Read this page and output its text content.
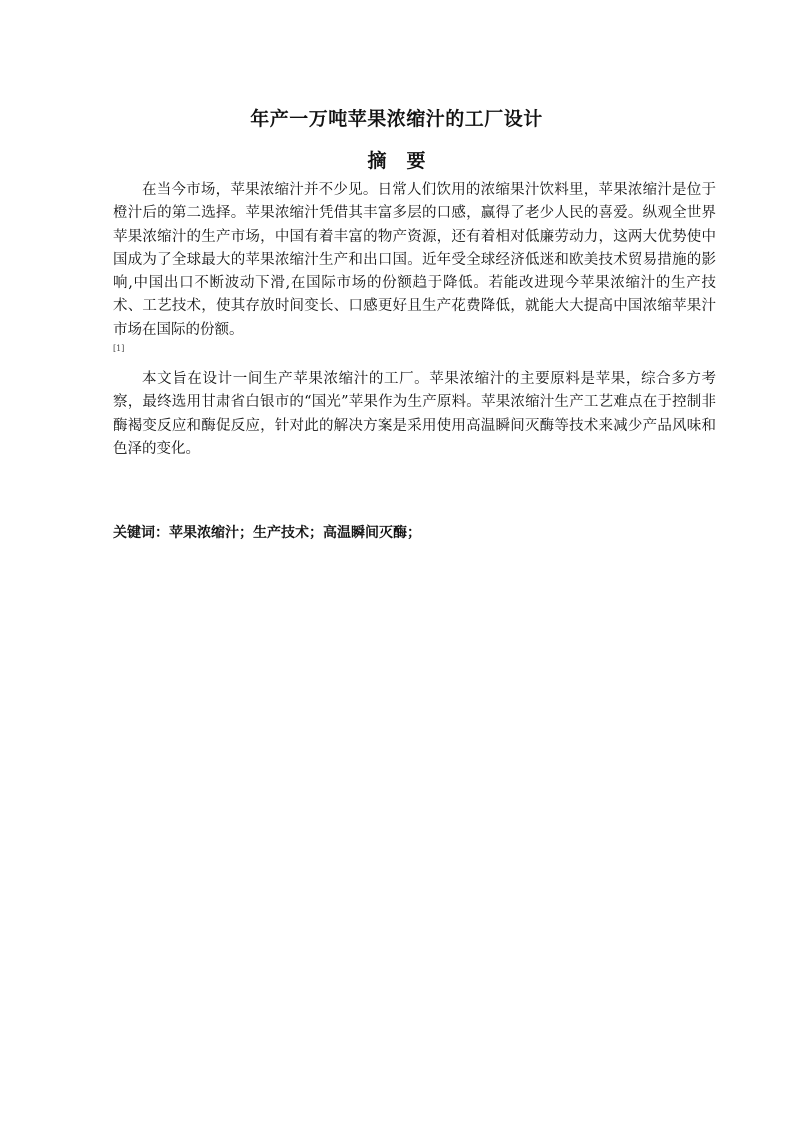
年产一万吨苹果浓缩汁的工厂设计
摘要

在当今市场，苹果浓缩汁并不少见。日常人们饮用的浓缩果汁饮料里，苹果浓缩汁是位于橙汁后的第二选择。苹果浓缩汁凭借其丰富多层的口感，赢得了老少人民的喜爱。纵观全世界苹果浓缩汁的生产市场，中国有着丰富的物产资源，还有着相对低廉劳动力，这两大优势使中国成为了全球最大的苹果浓缩汁生产和出口国。近年受全球经济低迷和欧美技术贸易措施的影响,中国出口不断波动下滑,在国际市场的份额趋于降低。若能改进现今苹果浓缩汁的生产技术、工艺技术，使其存放时间变长、口感更好且生产花费降低，就能大大提高中国浓缩苹果汁市场在国际的份额。
[1]

本文旨在设计一间生产苹果浓缩汁的工厂。苹果浓缩汁的主要原料是苹果，综合多方考察，最终选用甘肃省白银市的“国光”苹果作为生产原料。苹果浓缩汁生产工艺难点在于控制非酶褐变反应和酶促反应，针对此的解决方案是采用使用高温瞬间灭酶等技术来减少产品风味和色泽的变化。

关键词：苹果浓缩汁；生产技术；高温瞬间灭酶；
